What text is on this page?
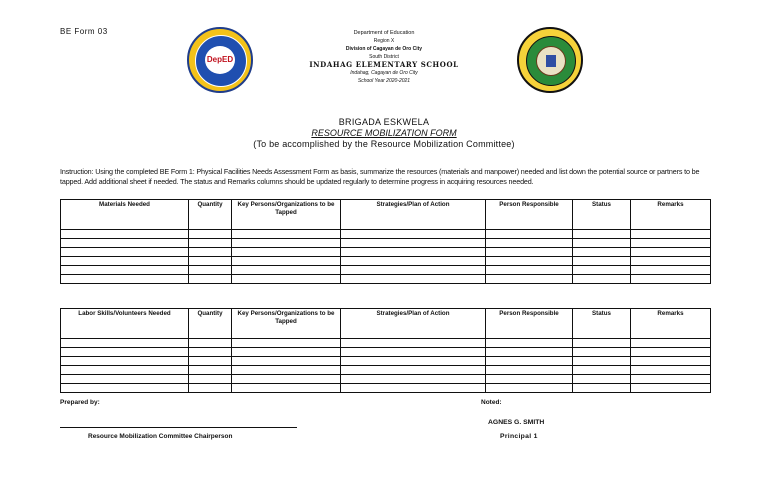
BE Form 03
DepED
Department of Education
Region X
Division of Cagayan de Oro City
South District
INDAHAG ELEMENTARY SCHOOL
Indahag, Cagayan de Oro City
School Year 2020-2021
BRIGADA ESKWELA
RESOURCE MOBILIZATION FORM
(To be accomplished by the Resource Mobilization Committee)
Instruction: Using the completed BE Form 1: Physical Facilities Needs Assessment Form as basis, summarize the resources (materials and manpower) needed and list down the potential source or partners to be tapped. Add additional sheet if needed. The status and Remarks columns should be updated regularly to determine progress in acquiring resources needed.
Materials Needed	Quantity	Key Persons/Organizations to be Tapped	Strategies/Plan of Action	Person Responsible	Status	Remarks

Labor Skills/Volunteers Needed	Quantity	Key Persons/Organizations to be Tapped	Strategies/Plan of Action	Person Responsible	Status	Remarks

Prepared by:	Noted:
Resource Mobilization Committee Chairperson
AGNES G. SMITH
Principal 1
